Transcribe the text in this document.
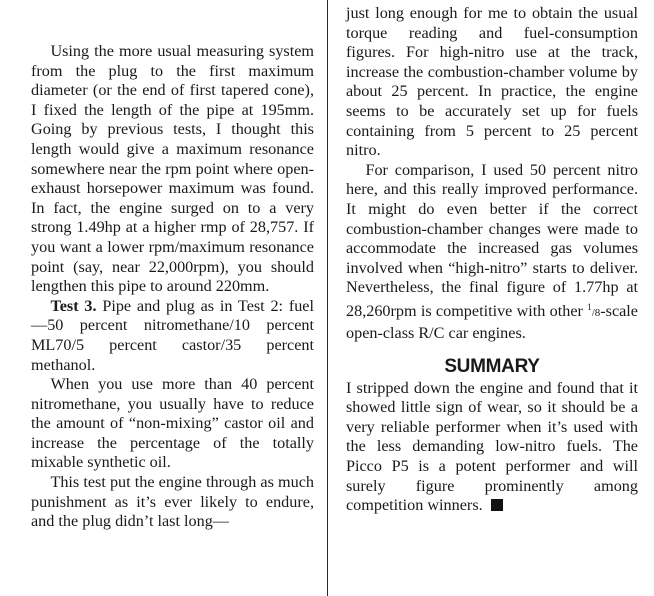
Using the more usual measuring system from the plug to the first maximum diameter (or the end of first tapered cone), I fixed the length of the pipe at 195mm. Going by previous tests, I thought this length would give a maximum resonance somewhere near the rpm point where open-exhaust horsepower maximum was found. In fact, the engine surged on to a very strong 1.49hp at a higher rmp of 28,757. If you want a lower rpm/maximum resonance point (say, near 22,000rpm), you should lengthen this pipe to around 220mm.

Test 3. Pipe and plug as in Test 2: fuel—50 percent nitromethane/10 percent ML70/5 percent castor/35 percent methanol.

When you use more than 40 percent nitromethane, you usually have to reduce the amount of “non-mixing” castor oil and increase the percentage of the totally mixable synthetic oil.

This test put the engine through as much punishment as it’s ever likely to endure, and the plug didn’t last long—

just long enough for me to obtain the usual torque reading and fuel-consumption figures. For high-nitro use at the track, increase the combustion-chamber volume by about 25 percent. In practice, the engine seems to be accurately set up for fuels containing from 5 percent to 25 percent nitro.

For comparison, I used 50 percent nitro here, and this really improved performance. It might do even better if the correct combustion-chamber changes were made to accommodate the increased gas volumes involved when “high-nitro” starts to deliver. Nevertheless, the final figure of 1.77hp at 28,260rpm is competitive with other $^1$/8-scale open-class R/C car engines.

SUMMARY

I stripped down the engine and found that it showed little sign of wear, so it should be a very reliable performer when it’s used with the less demanding low-nitro fuels. The Picco P5 is a potent performer and will surely figure prominently among competition winners.
